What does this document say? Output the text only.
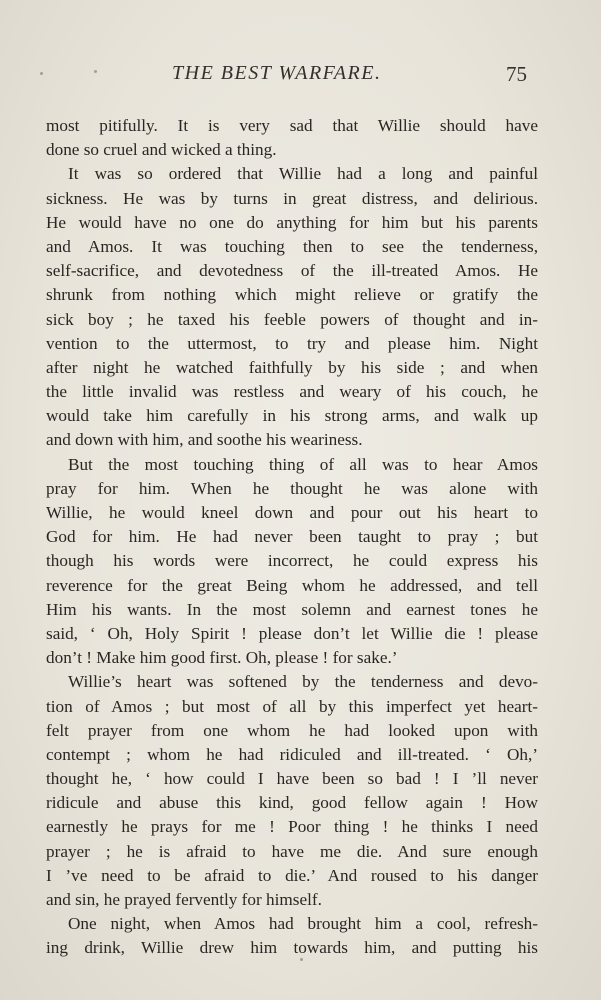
THE BEST WARFARE.	75
most pitifully. It is very sad that Willie should have
done so cruel and wicked a thing.
It was so ordered that Willie had a long and painful
sickness. He was by turns in great distress, and delirious.
He would have no one do anything for him but his parents
and Amos. It was touching then to see the tenderness,
self-sacrifice, and devotedness of the ill-treated Amos. He
shrunk from nothing which might relieve or gratify the
sick boy ; he taxed his feeble powers of thought and in-
vention to the uttermost, to try and please him. Night
after night he watched faithfully by his side ; and when
the little invalid was restless and weary of his couch, he
would take him carefully in his strong arms, and walk up
and down with him, and soothe his weariness.
But the most touching thing of all was to hear Amos
pray for him. When he thought he was alone with
Willie, he would kneel down and pour out his heart to
God for him. He had never been taught to pray ; but
though his words were incorrect, he could express his
reverence for the great Being whom he addressed, and tell
Him his wants. In the most solemn and earnest tones he
said, ‘ Oh, Holy Spirit ! please don’t let Willie die ! please
don’t ! Make him good first. Oh, please ! for sake.’
Willie’s heart was softened by the tenderness and devo-
tion of Amos ; but most of all by this imperfect yet heart-
felt prayer from one whom he had looked upon with
contempt ; whom he had ridiculed and ill-treated. ‘ Oh,’
thought he, ‘ how could I have been so bad ! I ’ll never
ridicule and abuse this kind, good fellow again ! How
earnestly he prays for me ! Poor thing ! he thinks I need
prayer ; he is afraid to have me die. And sure enough
I ’ve need to be afraid to die.’ And roused to his danger
and sin, he prayed fervently for himself.
One night, when Amos had brought him a cool, refresh-
ing drink, Willie drew him towards him, and putting his
